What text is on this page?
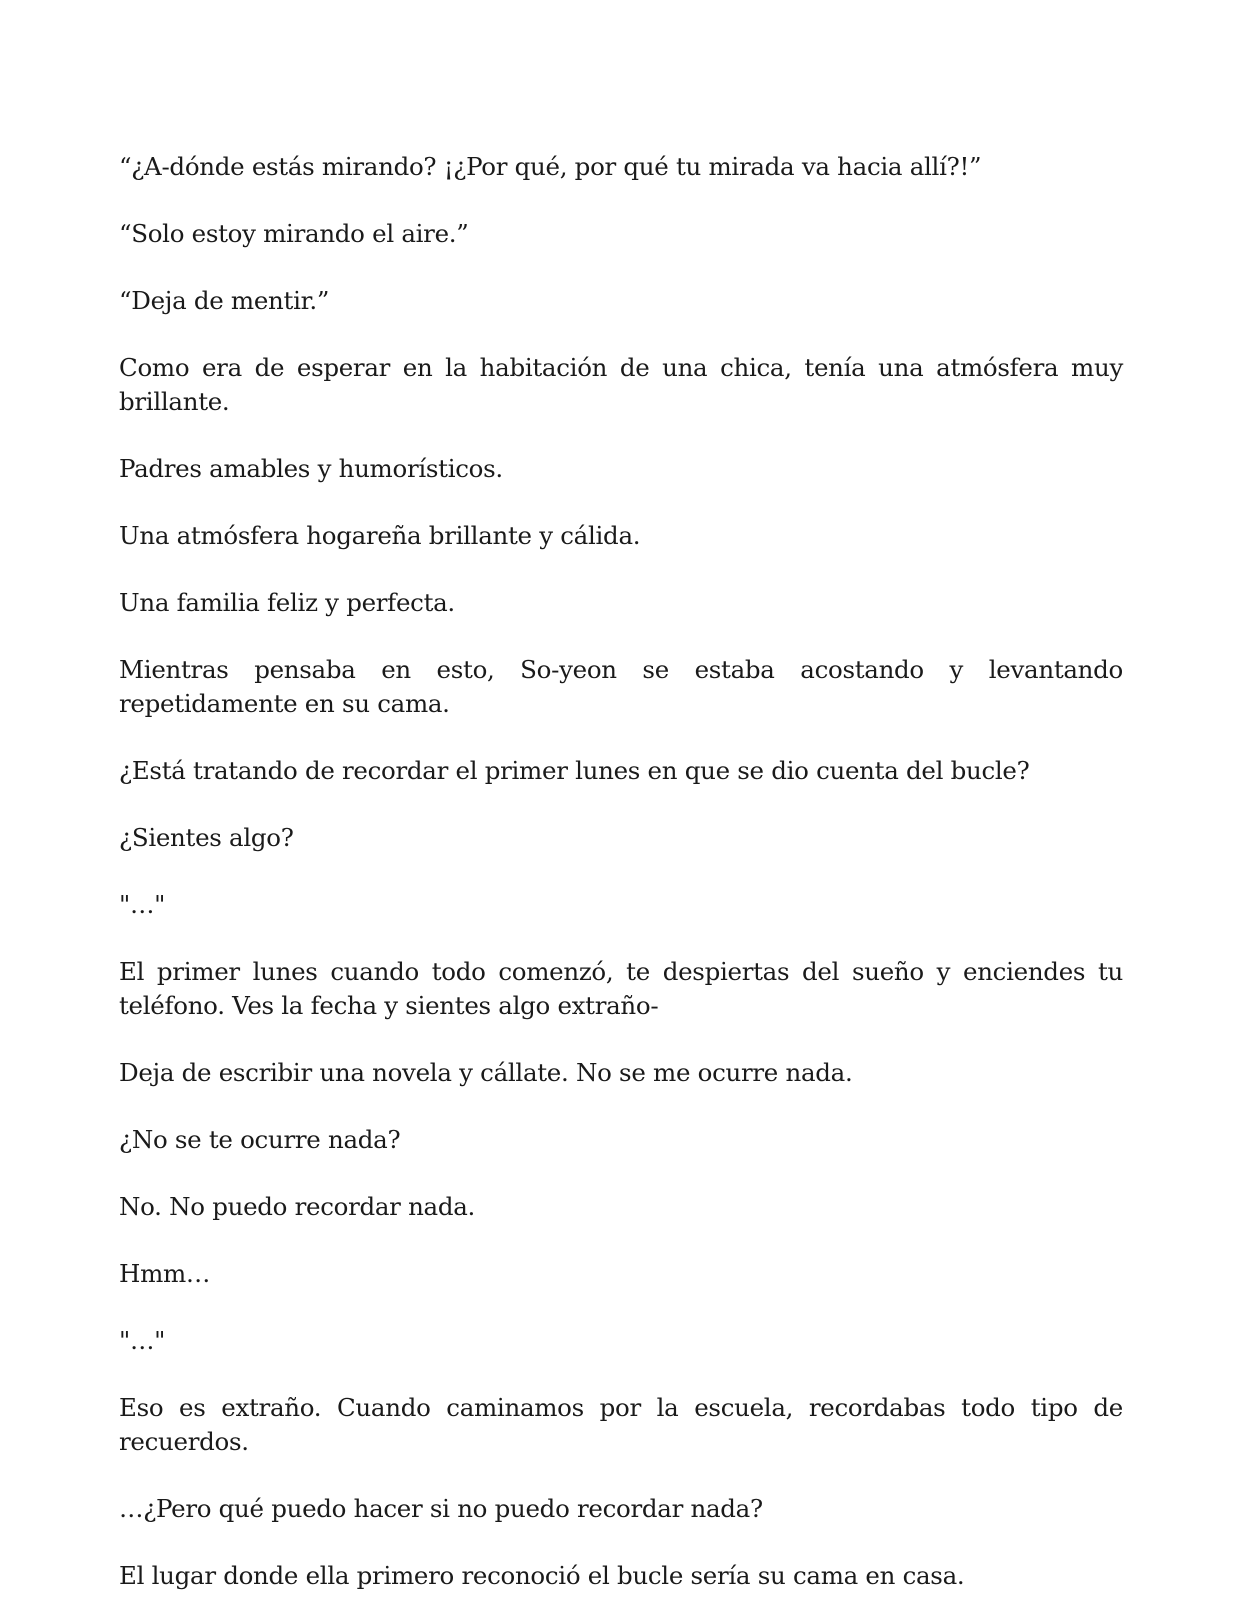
“¿A-dónde estás mirando? ¡¿Por qué, por qué tu mirada va hacia allí?!”

“Solo estoy mirando el aire.”

“Deja de mentir.”

Como era de esperar en la habitación de una chica, tenía una atmósfera muy brillante.

Padres amables y humorísticos.

Una atmósfera hogareña brillante y cálida.

Una familia feliz y perfecta.

Mientras pensaba en esto, So-yeon se estaba acostando y levantando repetidamente en su cama.

¿Está tratando de recordar el primer lunes en que se dio cuenta del bucle?

¿Sientes algo?

"…"

El primer lunes cuando todo comenzó, te despiertas del sueño y enciendes tu teléfono. Ves la fecha y sientes algo extraño-

Deja de escribir una novela y cállate. No se me ocurre nada.

¿No se te ocurre nada?

No. No puedo recordar nada.

Hmm…

"…"

Eso es extraño. Cuando caminamos por la escuela, recordabas todo tipo de recuerdos.

…¿Pero qué puedo hacer si no puedo recordar nada?

El lugar donde ella primero reconoció el bucle sería su cama en casa.
